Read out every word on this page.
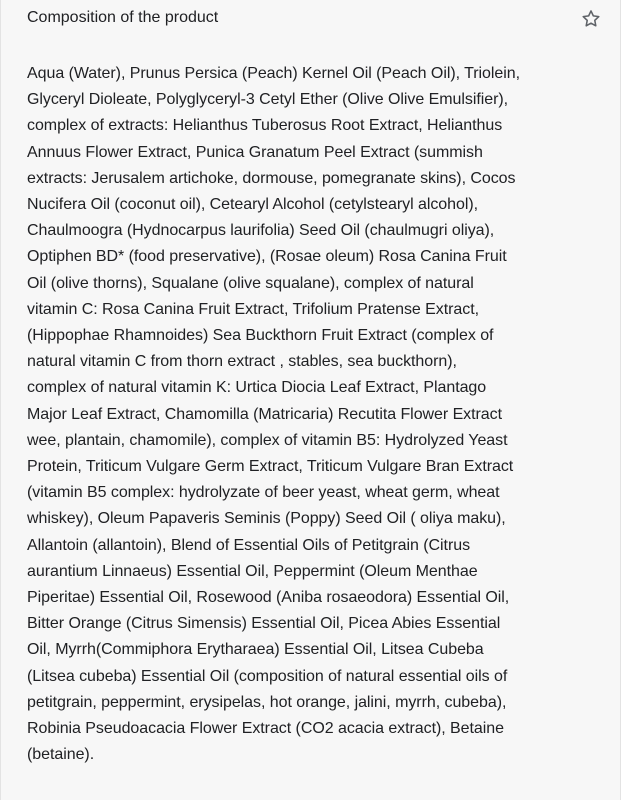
Composition of the product

Aqua (Water), Prunus Persica (Peach) Kernel Oil (Peach Oil), Triolein,
Glyceryl Dioleate, Polyglyceryl-3 Cetyl Ether (Olive Olive Emulsifier),
complex of extracts: Helianthus Tuberosus Root Extract, Helianthus
Annuus Flower Extract, Punica Granatum Peel Extract (summish
extracts: Jerusalem artichoke, dormouse, pomegranate skins), Cocos
Nucifera Oil (coconut oil), Cetearyl Alcohol (cetylstearyl alcohol),
Chaulmoogra (Hydnocarpus laurifolia) Seed Oil (chaulmugri oliya),
Optiphen BD* (food preservative), (Rosae oleum) Rosa Canina Fruit
Oil (olive thorns), Squalane (olive squalane), complex of natural
vitamin C: Rosa Canina Fruit Extract, Trifolium Pratense Extract,
(Hippophae Rhamnoides) Sea Buckthorn Fruit Extract (complex of
natural vitamin C from thorn extract , stables, sea buckthorn),
complex of natural vitamin K: Urtica Diocia Leaf Extract, Plantago
Major Leaf Extract, Chamomilla (Matricaria) Recutita Flower Extract
wee, plantain, chamomile), complex of vitamin B5: Hydrolyzed Yeast
Protein, Triticum Vulgare Germ Extract, Triticum Vulgare Bran Extract
(vitamin B5 complex: hydrolyzate of beer yeast, wheat germ, wheat
whiskey), Oleum Papaveris Seminis (Poppy) Seed Oil ( oliya maku),
Allantoin (allantoin), Blend of Essential Oils of Petitgrain (Citrus
aurantium Linnaeus) Essential Oil, Peppermint (Oleum Menthae
Piperitae) Essential Oil, Rosewood (Aniba rosaeodora) Essential Oil,
Bitter Orange (Citrus Simensis) Essential Oil, Picea Abies Essential
Oil, Myrrh(Commiphora Erytharaea) Essential Oil, Litsea Cubeba
(Litsea cubeba) Essential Oil (composition of natural essential oils of
petitgrain, peppermint, erysipelas, hot orange, jalini, myrrh, cubeba),
Robinia Pseudoacacia Flower Extract (CO2 acacia extract), Betaine
(betaine).
